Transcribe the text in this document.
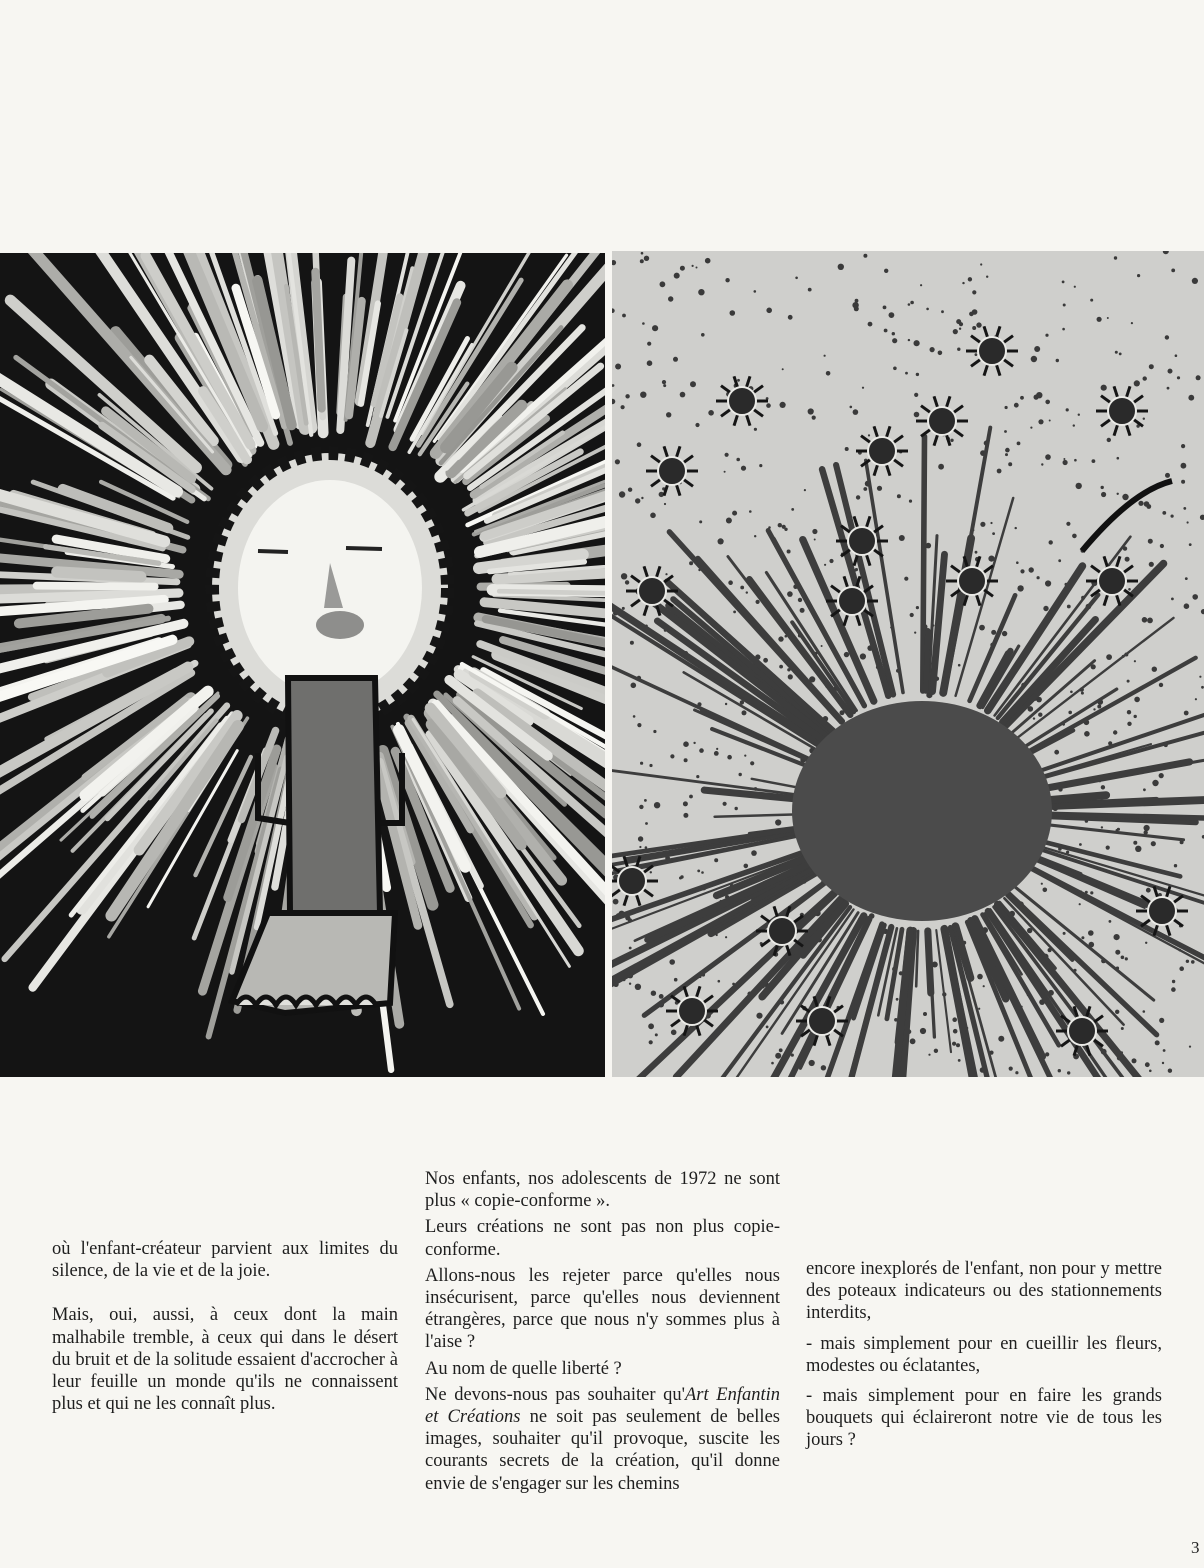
où l'enfant-créateur parvient aux limites du silence, de la vie et de la joie.

Mais, oui, aussi, à ceux dont la main malhabile tremble, à ceux qui dans le désert du bruit et de la solitude essaient d'accrocher à leur feuille un monde qu'ils ne connaissent plus et qui ne les connaît plus.

Nos enfants, nos adolescents de 1972 ne sont plus « copie-conforme ».

Leurs créations ne sont pas non plus copie-conforme.

Allons-nous les rejeter parce qu'elles nous insécurisent, parce qu'elles nous deviennent étrangères, parce que nous n'y sommes plus à l'aise ?

Au nom de quelle liberté ?

Ne devons-nous pas souhaiter qu'Art Enfantin et Créations ne soit pas seulement de belles images, souhaiter qu'il provoque, suscite les courants secrets de la création, qu'il donne envie de s'engager sur les chemins

encore inexplorés de l'enfant, non pour y mettre des poteaux indicateurs ou des stationnements interdits,

- mais simplement pour en cueillir les fleurs, modestes ou éclatantes,

- mais simplement pour en faire les grands bouquets qui éclaireront notre vie de tous les jours ?

3
